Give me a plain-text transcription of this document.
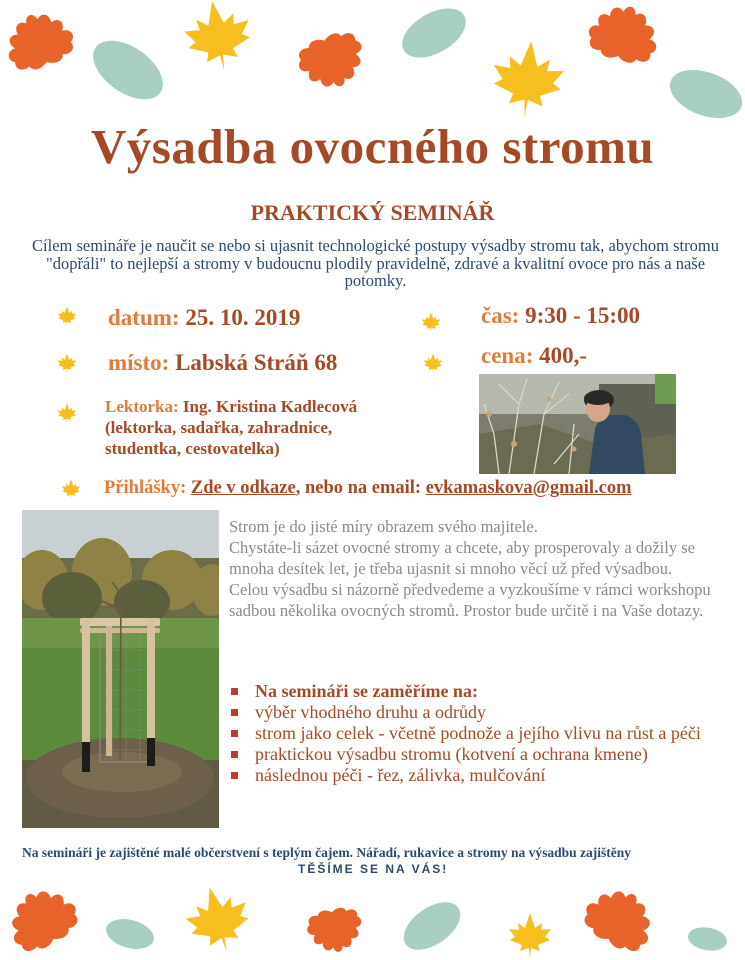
Výsadba ovocného stromu
PRAKTICKÝ SEMINÁŘ
Cílem semináře je naučit se nebo si ujasnit technologické postupy výsadby stromu tak, abychom stromu "dopřáli" to nejlepší a stromy v budoucnu plodily pravidelně, zdravé a kvalitní ovoce pro nás a naše potomky.
datum: 25. 10. 2019
místo: Labská Stráň 68
čas: 9:30 - 15:00
cena: 400,-
Lektorka: Ing. Kristina Kadlecová
(lektorka, sadařka, zahradnice,
studentka, cestovatelka)
Přihlášky: Zde v odkaze, nebo na email: evkamaskova@gmail.com
Strom je do jisté míry obrazem svého majitele.
Chystáte-li sázet ovocné stromy a chcete, aby prosperovaly a dožily se mnoha desítek let, je třeba ujasnit si mnoho věcí už před výsadbou.
Celou výsadbu si názorně předvedeme a vyzkoušíme v rámci workshopu sadbou několika ovocných stromů. Prostor bude určitě i na Vaše dotazy.
Na semináři se zaměříme na:
výběr vhodného druhu a odrůdy
strom jako celek - včetně podnože a jejího vlivu na růst a péči
praktickou výsadbu stromu (kotvení a ochrana kmene)
následnou péči - řez, zálivka, mulčování
Na semináři je zajištěné malé občerstvení s teplým čajem. Nářadí, rukavice a stromy na výsadbu zajištěny
TĚŠÍME SE NA VÁS!
